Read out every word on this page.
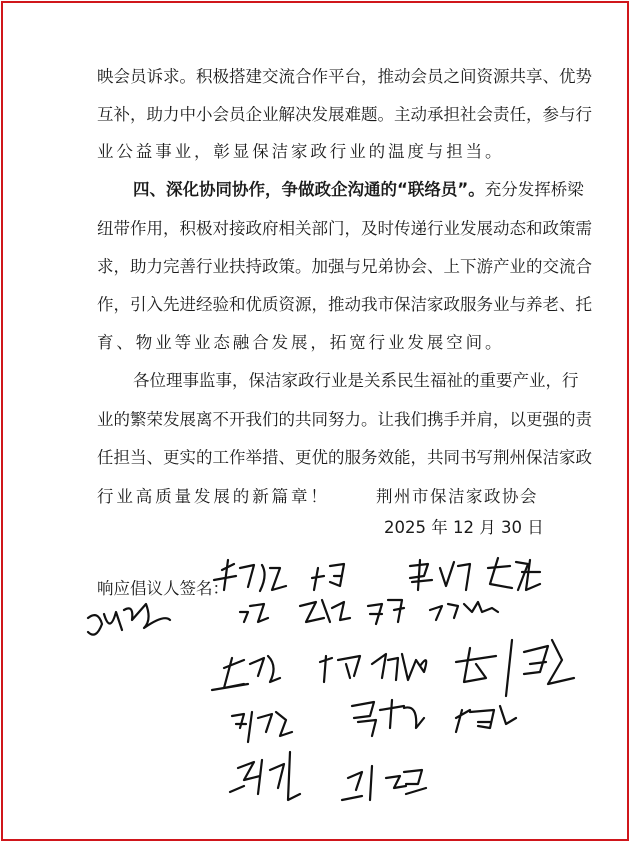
映会员诉求。积极搭建交流合作平台，推动会员之间资源共享、优势
互补，助力中小会员企业解决发展难题。主动承担社会责任，参与行
业公益事业，彰显保洁家政行业的温度与担当。
四、深化协同协作，争做政企沟通的“联络员”。充分发挥桥梁
纽带作用，积极对接政府相关部门，及时传递行业发展动态和政策需
求，助力完善行业扶持政策。加强与兄弟协会、上下游产业的交流合
作，引入先进经验和优质资源，推动我市保洁家政服务业与养老、托
育、物业等业态融合发展，拓宽行业发展空间。
各位理事监事，保洁家政行业是关系民生福祉的重要产业，行
业的繁荣发展离不开我们的共同努力。让我们携手并肩，以更强的责
任担当、更实的工作举措、更优的服务效能，共同书写荆州保洁家政
行业高质量发展的新篇章！	荆州市保洁家政协会
2025 年 12 月 30 日
响应倡议人签名：
